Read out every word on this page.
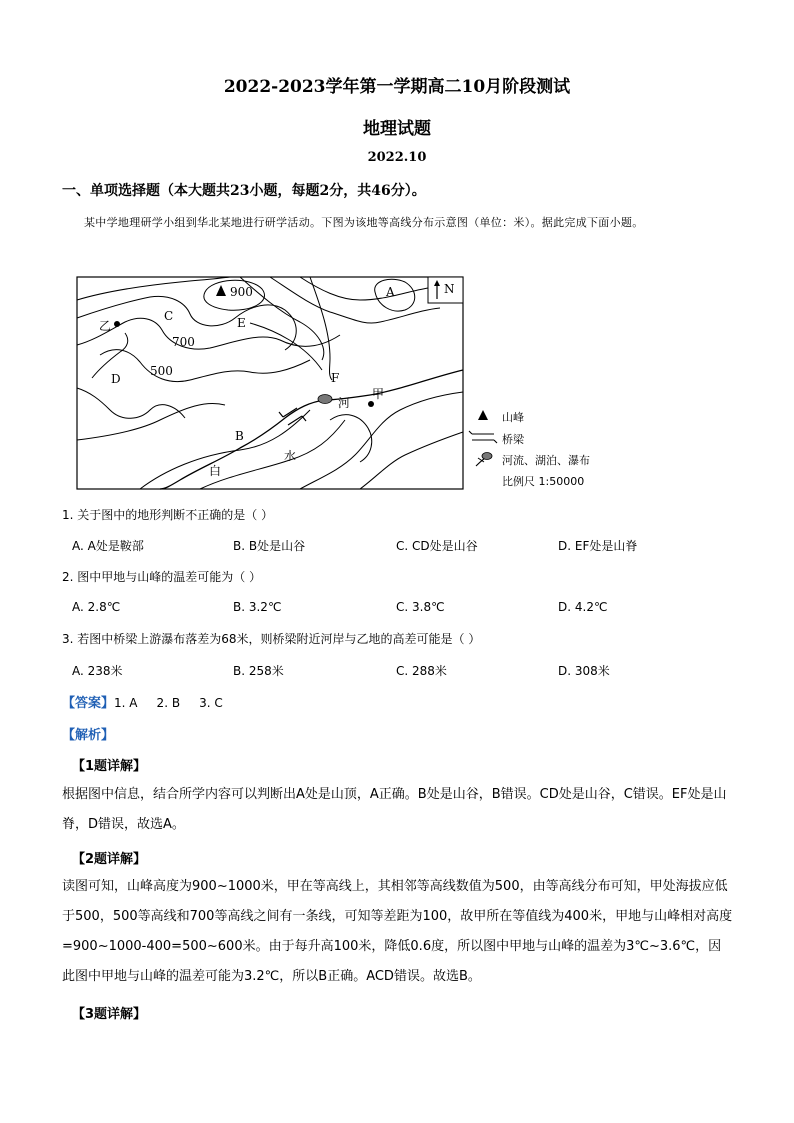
2022-2023学年第一学期高二10月阶段测试
地理试题
2022.10
一、单项选择题（本大题共23小题，每题2分，共46分）。
某中学地理研学小组到华北某地进行研学活动。下图为该地等高线分布示意图（单位：米）。据此完成下面小题。
N
900
700
500
A
B
C
D
E
F
乙
甲
河
水
白
山峰
桥梁
河流、湖泊、瀑布
比例尺 1:50000
1. 关于图中的地形判断不正确的是（ ）
A. A处是鞍部	B. B处是山谷	C. CD处是山谷	D. EF处是山脊
2. 图中甲地与山峰的温差可能为（ ）
A. 2.8℃	B. 3.2℃	C. 3.8℃	D. 4.2℃
3. 若图中桥梁上游瀑布落差为68米，则桥梁附近河岸与乙地的高差可能是（ ）
A. 238米	B. 258米	C. 288米	D. 308米
【答案】1. A     2. B     3. C
【解析】
【1题详解】
根据图中信息，结合所学内容可以判断出A处是山顶，A正确。B处是山谷，B错误。CD处是山谷，C错误。EF处是山脊，D错误，故选A。
【2题详解】
读图可知，山峰高度为900~1000米，甲在等高线上，其相邻等高线数值为500，由等高线分布可知，甲处海拔应低于500，500等高线和700等高线之间有一条线，可知等差距为100，故甲所在等值线为400米，甲地与山峰相对高度=900~1000-400=500~600米。由于每升高100米，降低0.6度，所以图中甲地与山峰的温差为3℃~3.6℃，因此图中甲地与山峰的温差可能为3.2℃，所以B正确。ACD错误。故选B。
【3题详解】
